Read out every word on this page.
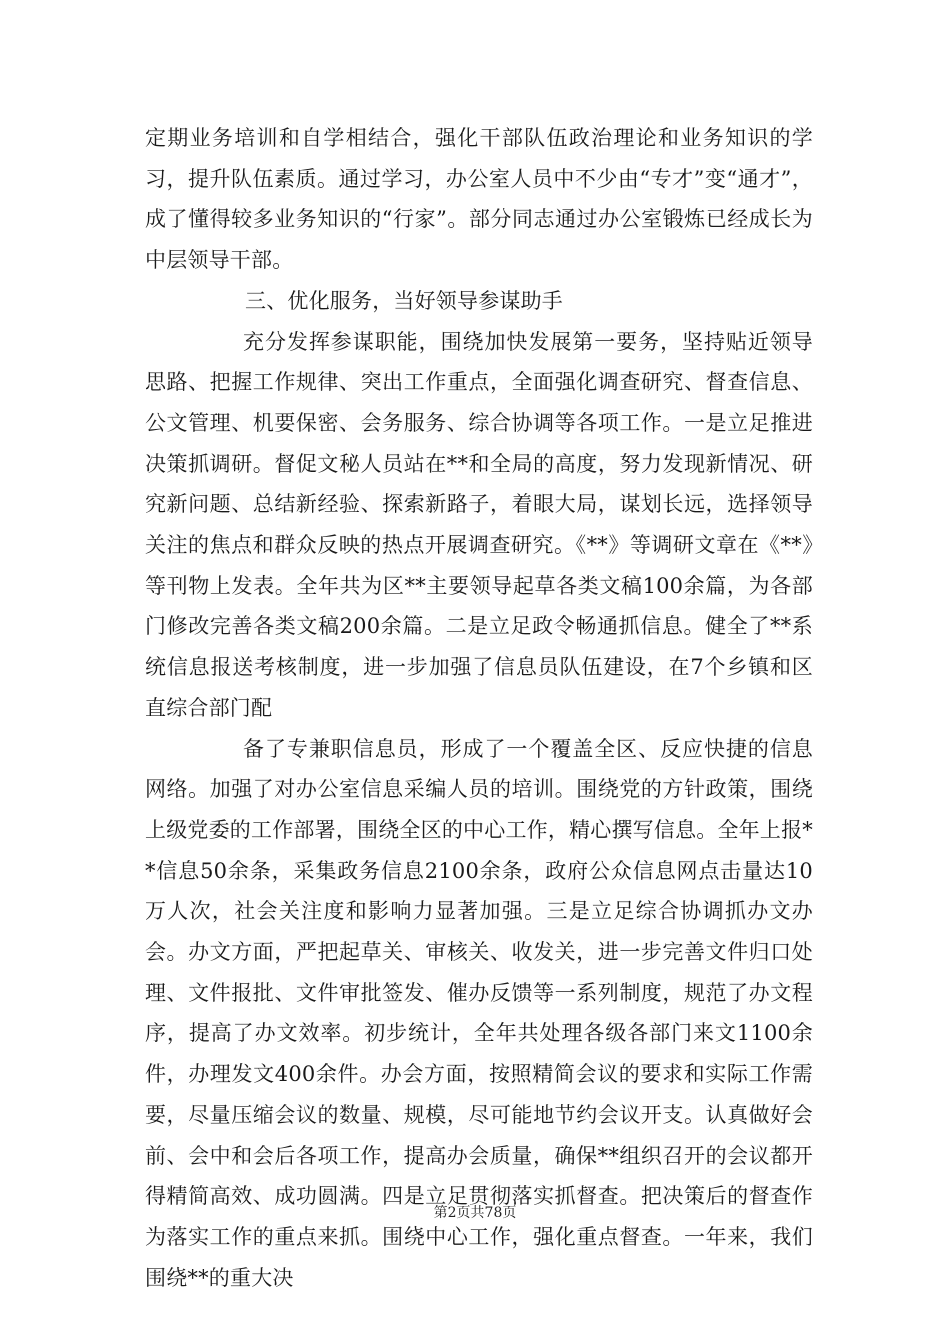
定期业务培训和自学相结合，强化干部队伍政治理论和业务知识的学习，提升队伍素质。通过学习，办公室人员中不少由“专才”变“通才”，成了懂得较多业务知识的“行家”。部分同志通过办公室锻炼已经成长为中层领导干部。

三、优化服务，当好领导参谋助手

充分发挥参谋职能，围绕加快发展第一要务，坚持贴近领导思路、把握工作规律、突出工作重点，全面强化调查研究、督查信息、公文管理、机要保密、会务服务、综合协调等各项工作。一是立足推进决策抓调研。督促文秘人员站在**和全局的高度，努力发现新情况、研究新问题、总结新经验、探索新路子，着眼大局，谋划长远，选择领导关注的焦点和群众反映的热点开展调查研究。《**》等调研文章在《**》等刊物上发表。全年共为区**主要领导起草各类文稿100余篇，为各部门修改完善各类文稿200余篇。二是立足政令畅通抓信息。健全了**系统信息报送考核制度，进一步加强了信息员队伍建设，在7个乡镇和区直综合部门配

备了专兼职信息员，形成了一个覆盖全区、反应快捷的信息网络。加强了对办公室信息采编人员的培训。围绕党的方针政策，围绕上级党委的工作部署，围绕全区的中心工作，精心撰写信息。全年上报**信息50余条，采集政务信息2100余条，政府公众信息网点击量达10万人次，社会关注度和影响力显著加强。三是立足综合协调抓办文办会。办文方面，严把起草关、审核关、收发关，进一步完善文件归口处理、文件报批、文件审批签发、催办反馈等一系列制度，规范了办文程序，提高了办文效率。初步统计，全年共处理各级各部门来文1100余件，办理发文400余件。办会方面，按照精简会议的要求和实际工作需要，尽量压缩会议的数量、规模，尽可能地节约会议开支。认真做好会前、会中和会后各项工作，提高办会质量，确保**组织召开的会议都开得精简高效、成功圆满。四是立足贯彻落实抓督查。把决策后的督查作为落实工作的重点来抓。围绕中心工作，强化重点督查。一年来，我们围绕**的重大决

第2页共78页
